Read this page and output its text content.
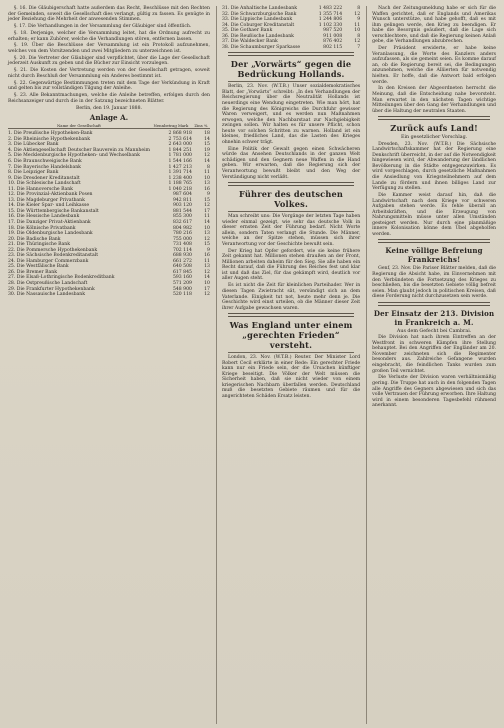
§. 16. Die Gläubigerschaft hatte außerdem das Recht, Beschlüsse mit den Rechten der Gemeinden, soweit die Gesellschaft dies verlangt, gültig zu fassen. Es genügte in jeder Beziehung die Mehrheit der anwesenden Stimmen.

§. 17. Die Verhandlungen in der Versammlung der Gläubiger sind öffentlich.

§. 18. Derjenige, welcher die Versammlung leitet, hat die Ordnung aufrecht zu erhalten; er kann Zuhörer, welche die Verhandlungen stören, entfernen lassen.

§. 19. Über die Beschlüsse der Versammlung ist ein Protokoll aufzunehmen, welches von dem Vorsitzenden und zwei Mitgliedern zu unterzeichnen ist.

§. 20. Die Vertreter der Gläubiger sind verpflichtet, über die Lage der Gesellschaft jederzeit Auskunft zu geben und die Bücher zur Einsicht vorzulegen.

§. 21. Die Kosten der Vertretung werden von der Gesellschaft getragen, soweit nicht durch Beschluß der Versammlung ein Anderes bestimmt ist.

§. 22. Gegenwärtige Bestimmungen treten mit dem Tage der Verkündung in Kraft und gelten bis zur vollständigen Tilgung der Anleihe.

§. 23. Alle Bekanntmachungen, welche die Anleihe betreffen, erfolgen durch den Reichsanzeiger und durch die in der Satzung bezeichneten Blätter.

Berlin, den 19. Januar 1888.

Anlage A.
Name der Gesellschaft	Nennbetrag Mark	Zins %
1. Die Preußische Hypotheken-Bank	2 868 918	18
2. Die Rheinische Hypothekenbank	2 753 614	14
3. Die Lübecker Bank	2 643 000	15
4. Die Aktiengesellschaft Deutscher Bauverein zu Mannheim	1 844 251	19
5. Die Mecklenburgische Hypotheken- und Wechselbank	1 781 000	12
6. Die Braunschweigische Bank	1 544 166	14
7. Die Bayerische Handelsbank	1 427 213	8
8. Die Leipziger Bank	1 391 714	11
9. Die Dresdener Kreditanstalt	1 238 400	10
10. Die Schlesische Landschaft	1 188 765	13
11. Die Hannoversche Bank	1 040 218	16
12. Die Provinzial-Aktienbank Posen	987 604	9
13. Die Magdeburger Privatbank	942 811	15
14. Die Kieler Spar- und Leihkasse	903 120	12
15. Die Württembergische Bankanstalt	881 544	17
16. Die Hessische Landesbank	855 300	11
17. Die Danziger Privat-Aktienbank	832 617	14
18. Die Kölnische Privatbank	804 982	10
19. Die Oldenburgische Landesbank	780 216	13
20. Die Badische Bank	755 000	12
21. Die Thüringische Bank	731 408	15
22. Die Pommersche Hypothekenbank	702 114	9
23. Die Sächsische Bodenkreditanstalt	688 930	16
24. Die Hamburger Commerzbank	661 272	11
25. Die Westfälische Bank	640 508	13
26. Die Bremer Bank	617 845	12
27. Die Elsaß-Lothringische Bodenkreditbank	593 160	14
28. Die Ostpreußische Landschaft	571 209	10
29. Die Frankfurter Hypothekenbank	548 900	17
30. Die Nassauische Landesbank	520 118	12
31. Die Anhaltische Landesbank	1 483 222	8
32. Die Schwarzburgische Bank	1 355 714	12
33. Die Lippische Landesbank	1 244 806	9
34. Die Coburger Kreditanstalt	1 102 330	11
35. Die Gothaer Bank	987 520	10
36. Die Reußische Landesbank	911 008	8
37. Die Waldecker Bank	876 402	12
38. Die Schaumburger Sparkasse	802 115	7
Der „Vorwärts“ gegen die Bedrückung Hollands.

Berlin, 23. Nov. (W.T.B.) Unser sozialdemokratisches Blatt, der „Vorwärts“ schreibt: „In den Verhandlungen der Reichsregierung über die Neutralität Hollands ist neuerdings eine Wendung eingetreten. Wie man hört, hat die Regierung des Königreichs die Durchfuhr gewisser Waren verweigert, und es werden nun Maßnahmen erwogen, welche den Nachbarstaat zur Nachgiebigkeit zwingen sollen. Wir halten es für unsere Pflicht, schon heute vor solchen Schritten zu warnen. Holland ist ein kleines, friedliches Land, das die Lasten des Krieges ohnehin schwer trägt.

Eine Politik der Gewalt gegen einen Schwächeren würde das Ansehen Deutschlands in der ganzen Welt schädigen und den Gegnern neue Waffen in die Hand geben. Wir erwarten, daß die Regierung sich der Verantwortung bewußt bleibt und den Weg der Verständigung nicht verläßt.

Führer des deutschen Volkes.

Man schreibt uns: Die Vorgänge der letzten Tage haben wieder einmal gezeigt, wie sehr das deutsche Volk in dieser ernsten Zeit der Führung bedarf. Nicht Worte allein, sondern Taten verlangt die Stunde. Die Männer, welche an der Spitze stehen, müssen sich ihrer Verantwortung vor der Geschichte bewußt sein.

Der Krieg hat Opfer gefordert, wie sie keine frühere Zeit gekannt hat. Millionen stehen draußen an der Front, Millionen arbeiten daheim für den Sieg. Sie alle haben ein Recht darauf, daß die Führung des Reiches fest und klar ist und daß das Ziel, für das gekämpft wird, deutlich vor aller Augen steht.

Es ist nicht die Zeit für kleinlichen Parteihader. Wer in diesen Tagen Zwietracht sät, versündigt sich an dem Vaterlande. Einigkeit tut not, heute mehr denn je. Die Geschichte wird einst urteilen, ob die Männer dieser Zeit ihrer Aufgabe gewachsen waren.

Was England unter einem „gerechten Frieden“ versteht.

London, 23. Nov. (W.T.B.) Reuter. Der Minister Lord Robert Cecil erklärte in einer Rede: Ein gerechter Friede kann nur ein Friede sein, der die Ursachen künftiger Kriege beseitigt. Die Völker der Welt müssen die Sicherheit haben, daß sie nicht wieder von einem kriegerischen Nachbarn überfallen werden. Deutschland muß die besetzten Gebiete räumen und für die angerichteten Schäden Ersatz leisten.

Nach der Zeitungsmeldung habe er sich für die Waffen gerichtet, daß er Englands und Amerikas Wunsch unterstütze, und habe gehofft, daß es mit ihm gelingen werde, den Krieg zu beendigen. Er habe die Besorgnis geäußert, daß die Lage sich verschlechtere, und daß die Regierung keinen Anlaß gebe, die Verhandlungen abzubrechen.

Der Präsident erwiderte, er habe keine Veranlassung, die Worte des Kanzlers anders aufzufassen, als sie gemeint seien. Es komme darauf an, ob die Regierung bereit sei, die Bedingungen anzunehmen, welche die Alliierten für notwendig hielten. Er hoffe, daß die Antwort bald erfolgen werde.

In den Kreisen der Abgeordneten herrscht die Meinung, daß die Entscheidung nahe bevorsteht. Man erwartet in den nächsten Tagen wichtige Mitteilungen über den Gang der Verhandlungen und über die Haltung der neutralen Staaten.

Zurück aufs Land!
Ein gesetzlicher Vorschlag.

Dresden, 23. Nov. (W.T.B.) Die Sächsische Landwirtschaftskammer hat der Regierung eine Denkschrift überreicht, in der auf die Notwendigkeit hingewiesen wird, der Abwanderung der ländlichen Bevölkerung in die Städte entgegenzuwirken. Es wird vorgeschlagen, durch gesetzliche Maßnahmen die Ansiedlung von Kriegsteilnehmern auf dem Lande zu fördern und ihnen billiges Land zur Verfügung zu stellen.

Die Kammer weist darauf hin, daß die Landwirtschaft nach dem Kriege vor schweren Aufgaben stehen werde. Es fehle überall an Arbeitskräften, und die Erzeugung von Nahrungsmitteln müsse unter allen Umständen gesteigert werden. Nur durch eine planmäßige innere Kolonisation könne dem Übel abgeholfen werden.

Keine völlige Befreiung Frankreichs!

Genf, 23. Nov. Die Pariser Blätter melden, daß die Regierung die Absicht habe, im Einvernehmen mit den Verbündeten die Fortsetzung des Krieges zu beschließen, bis die besetzten Gebiete völlig befreit seien. Man glaubt jedoch in politischen Kreisen, daß diese Forderung nicht durchzusetzen sein werde.

Der Einsatz der 213. Division in Frankreich a. M.
Aus dem Gefecht bei Cambrai.

Die Division hat nach ihrem Eintreffen an der Westfront in schweren Kämpfen ihre Stellung behauptet. Bei den Angriffen der Engländer am 20. November zeichneten sich die Regimenter besonders aus. Zahlreiche Gefangene wurden eingebracht, die feindlichen Tanks wurden zum großen Teil vernichtet.

Die Verluste der Division waren verhältnismäßig gering. Die Truppe hat auch in den folgenden Tagen alle Angriffe des Gegners abgewiesen und sich das volle Vertrauen der Führung erworben. Ihre Haltung wird in einem besonderen Tagesbefehl rühmend anerkannt.
